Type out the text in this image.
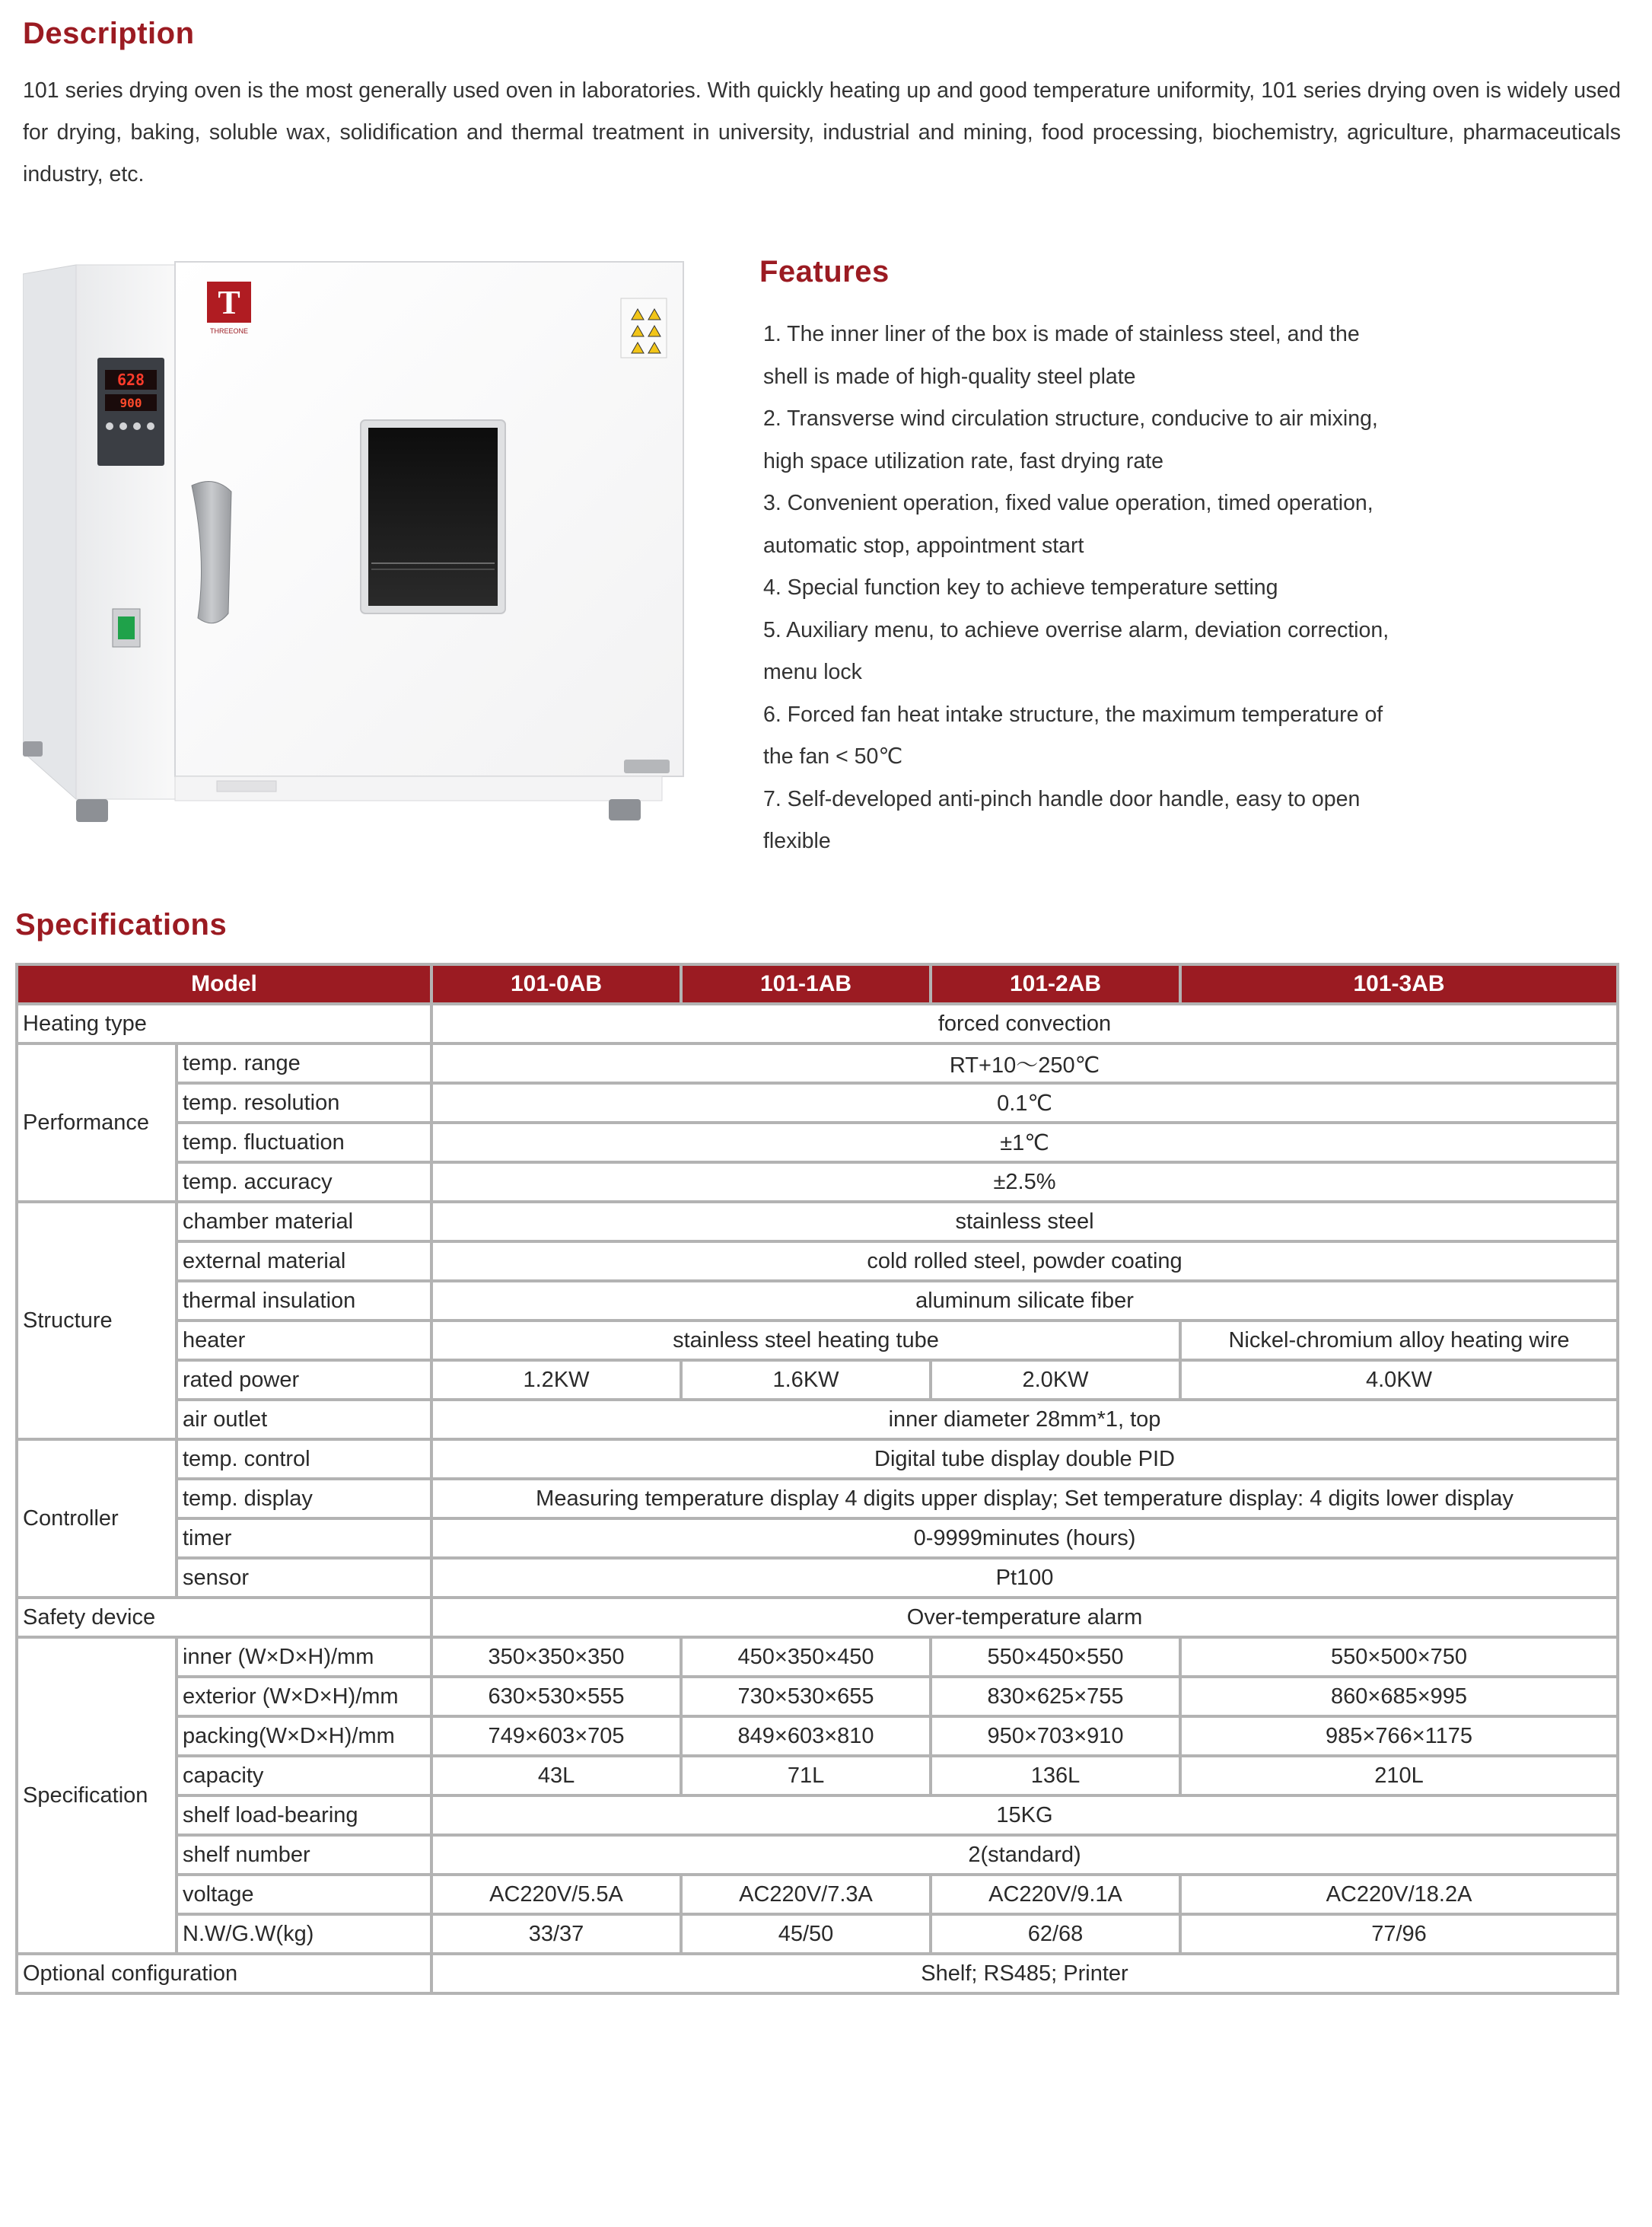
Description
101 series drying oven is the most generally used oven in laboratories. With quickly heating up and good temperature uniformity, 101 series drying oven is widely used for drying, baking, soluble wax, solidification and thermal treatment in university, industrial and mining, food processing, biochemistry, agriculture, pharmaceuticals industry, etc.
628
900
T
THREEONE
Features
1. The inner liner of the box is made of stainless steel, and the
shell is made of high-quality steel plate
2. Transverse wind circulation structure, conducive to air mixing,
high space utilization rate, fast drying rate
3. Convenient operation, fixed value operation, timed operation,
automatic stop, appointment start
4. Special function key to achieve temperature setting
5. Auxiliary menu, to achieve overrise alarm, deviation correction,
menu lock
6. Forced fan heat intake structure, the maximum temperature of
the fan < 50℃
7. Self-developed anti-pinch handle door handle, easy to open
flexible
Specifications
Model		101-0AB	101-1AB	101-2AB	101-3AB
Heating type		forced convection			
Performance	temp. range	RT+10～250℃			
	temp. resolution	0.1℃			
	temp. fluctuation	±1℃			
	temp. accuracy	±2.5%			
Structure	chamber material	stainless steel			
	external material	cold rolled steel, powder coating			
	thermal insulation	aluminum silicate fiber			
	heater	stainless steel heating tube			Nickel-chromium alloy heating wire
	rated power	1.2KW	1.6KW	2.0KW	4.0KW
	air outlet	inner diameter 28mm*1, top			
Controller	temp. control	Digital tube display double PID			
	temp. display	Measuring temperature display 4 digits upper display; Set temperature display: 4 digits lower display			
	timer	0-9999minutes (hours)			
	sensor	Pt100			
Safety device		Over-temperature alarm			
Specification	inner (W×D×H)/mm	350×350×350	450×350×450	550×450×550	550×500×750
	exterior (W×D×H)/mm	630×530×555	730×530×655	830×625×755	860×685×995
	packing(W×D×H)/mm	749×603×705	849×603×810	950×703×910	985×766×1175
	capacity	43L	71L	136L	210L
	shelf load-bearing	15KG			
	shelf number	2(standard)			
	voltage	AC220V/5.5A	AC220V/7.3A	AC220V/9.1A	AC220V/18.2A
	N.W/G.W(kg)	33/37	45/50	62/68	77/96
Optional configuration		Shelf; RS485; Printer			
